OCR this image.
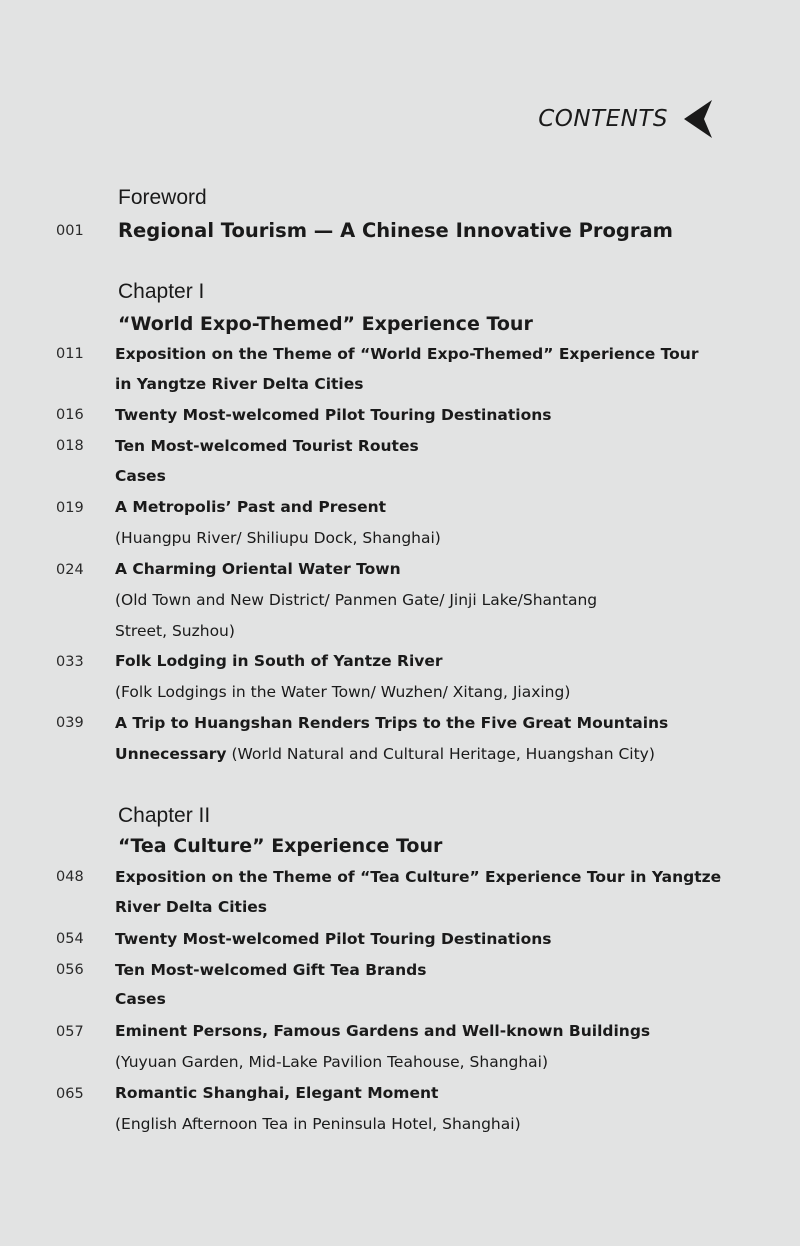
CONTENTS
Foreword
001 Regional Tourism — A Chinese Innovative Program
Chapter I
“World Expo-Themed” Experience Tour
011 Exposition on the Theme of “World Expo-Themed” Experience Tour
in Yangtze River Delta Cities
016 Twenty Most-welcomed Pilot Touring Destinations
018 Ten Most-welcomed Tourist Routes
Cases
019 A Metropolis’ Past and Present
(Huangpu River/ Shiliupu Dock, Shanghai)
024 A Charming Oriental Water Town
(Old Town and New District/ Panmen Gate/ Jinji Lake/Shantang
Street, Suzhou)
033 Folk Lodging in South of Yantze River
(Folk Lodgings in the Water Town/ Wuzhen/ Xitang, Jiaxing)
039 A Trip to Huangshan Renders Trips to the Five Great Mountains
Unnecessary (World Natural and Cultural Heritage, Huangshan City)
Chapter II
“Tea Culture” Experience Tour
048 Exposition on the Theme of “Tea Culture” Experience Tour in Yangtze
River Delta Cities
054 Twenty Most-welcomed Pilot Touring Destinations
056 Ten Most-welcomed Gift Tea Brands
Cases
057 Eminent Persons, Famous Gardens and Well-known Buildings
(Yuyuan Garden, Mid-Lake Pavilion Teahouse, Shanghai)
065 Romantic Shanghai, Elegant Moment
(English Afternoon Tea in Peninsula Hotel, Shanghai)
